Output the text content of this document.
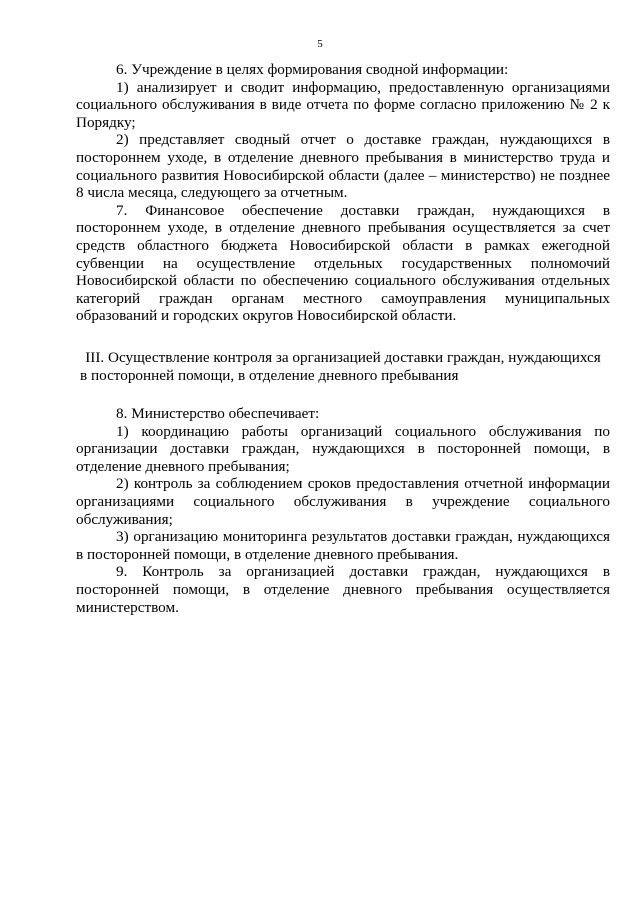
5

6. Учреждение в целях формирования сводной информации:

1) анализирует и сводит информацию, предоставленную организациями социального обслуживания в виде отчета по форме согласно приложению № 2 к Порядку;

2) представляет сводный отчет о доставке граждан, нуждающихся в постороннем уходе, в отделение дневного пребывания в министерство труда и социального развития Новосибирской области (далее – министерство) не позднее 8 числа месяца, следующего за отчетным.

7. Финансовое обеспечение доставки граждан, нуждающихся в постороннем уходе, в отделение дневного пребывания осуществляется за счет средств областного бюджета Новосибирской области в рамках ежегодной субвенции на осуществление отдельных государственных полномочий Новосибирской области по обеспечению социального обслуживания отдельных категорий граждан органам местного самоуправления муниципальных образований и городских округов Новосибирской области.

III. Осуществление контроля за организацией доставки граждан, нуждающихся в посторонней помощи, в отделение дневного пребывания

8. Министерство обеспечивает:

1) координацию работы организаций социального обслуживания по организации доставки граждан, нуждающихся в посторонней помощи, в отделение дневного пребывания;

2) контроль за соблюдением сроков предоставления отчетной информации организациями социального обслуживания в учреждение социального обслуживания;

3) организацию мониторинга результатов доставки граждан, нуждающихся в посторонней помощи, в отделение дневного пребывания.

9. Контроль за организацией доставки граждан, нуждающихся в посторонней помощи, в отделение дневного пребывания осуществляется министерством.
